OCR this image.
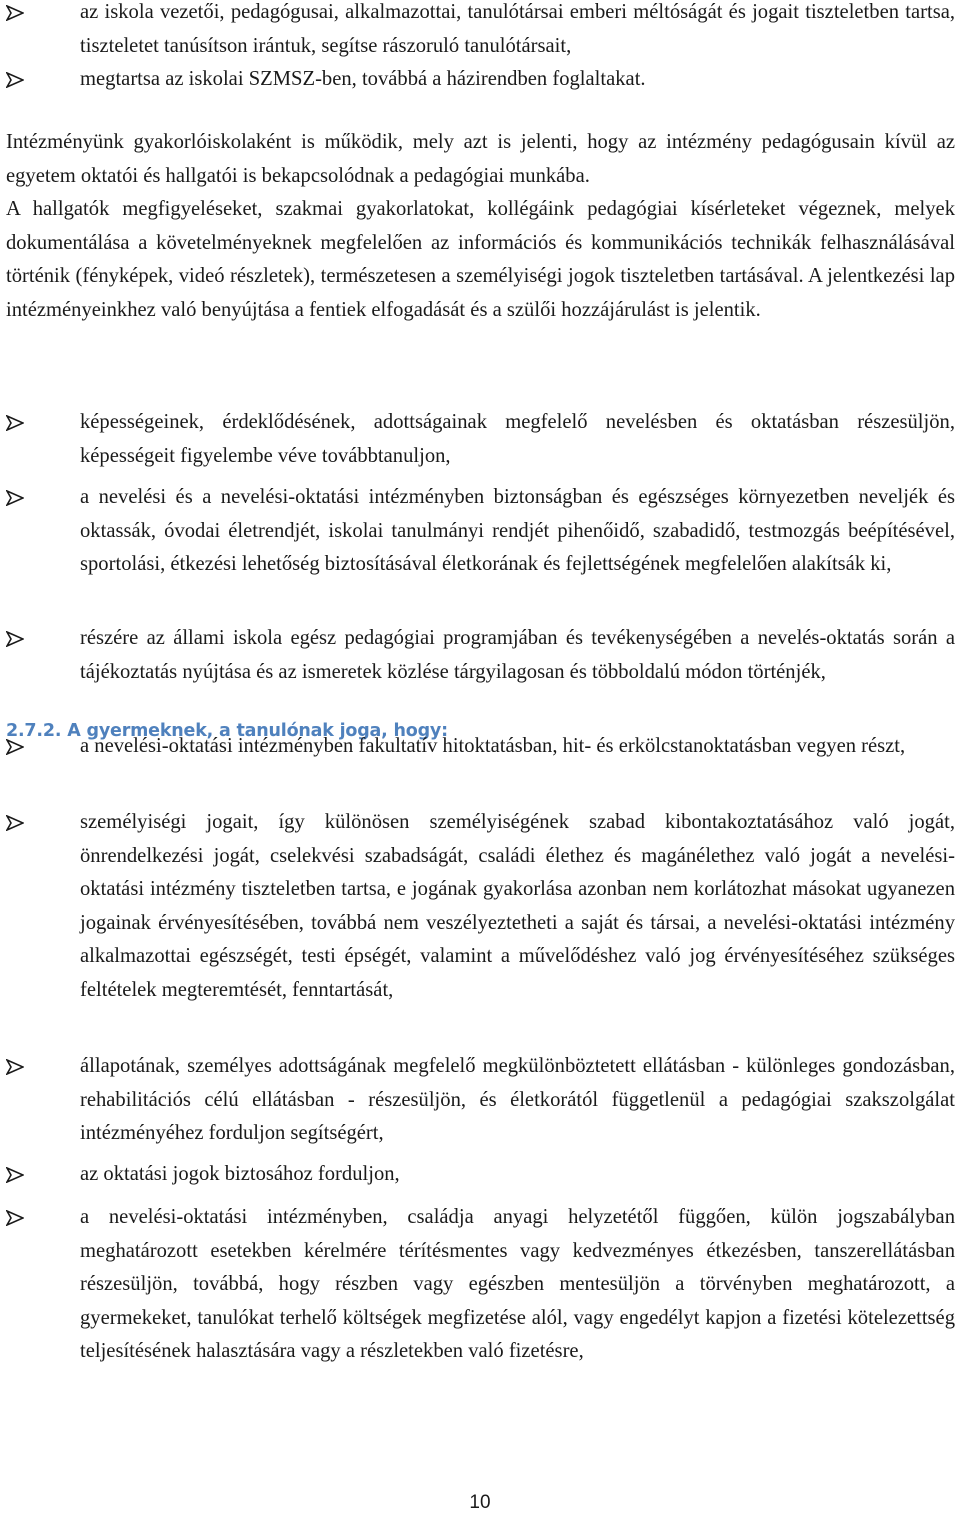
az iskola vezetői, pedagógusai, alkalmazottai, tanulótársai emberi méltóságát és jogait tiszteletben tartsa, tiszteletet tanúsítson irántuk, segítse rászoruló tanulótársait,
megtartsa az iskolai SZMSZ-ben, továbbá a házirendben foglaltakat.

Intézményünk gyakorlóiskolaként is működik, mely azt is jelenti, hogy az intézmény pedagógusain kívül az egyetem oktatói és hallgatói is bekapcsolódnak a pedagógiai munkába.

A hallgatók megfigyeléseket, szakmai gyakorlatokat, kollégáink pedagógiai kísérleteket végeznek, melyek dokumentálása a követelményeknek megfelelően az információs és kommunikációs technikák felhasználásával történik (fényképek, videó részletek), természetesen a személyiségi jogok tiszteletben tartásával. A jelentkezési lap intézményeinkhez való benyújtása a fentiek elfogadását és a szülői hozzájárulást is jelentik.

2.7.2. A gyermeknek, a tanulónak joga, hogy:
képességeinek, érdeklődésének, adottságainak megfelelő nevelésben és oktatásban részesüljön, képességeit figyelembe véve továbbtanuljon,
a nevelési és a nevelési-oktatási intézményben biztonságban és egészséges környezetben neveljék és oktassák, óvodai életrendjét, iskolai tanulmányi rendjét pihenőidő, szabadidő, testmozgás beépítésével, sportolási, étkezési lehetőség biztosításával életkorának és fejlettségének megfelelően alakítsák ki,
részére az állami iskola egész pedagógiai programjában és tevékenységében a nevelés-oktatás során a tájékoztatás nyújtása és az ismeretek közlése tárgyilagosan és többoldalú módon történjék,
a nevelési-oktatási intézményben fakultatív hitoktatásban, hit- és erkölcstanoktatásban vegyen részt,
személyiségi jogait, így különösen személyiségének szabad kibontakoztatásához való jogát, önrendelkezési jogát, cselekvési szabadságát, családi élethez és magánélethez való jogát a nevelési-oktatási intézmény tiszteletben tartsa, e jogának gyakorlása azonban nem korlátozhat másokat ugyanezen jogainak érvényesítésében, továbbá nem veszélyeztetheti a saját és társai, a nevelési-oktatási intézmény alkalmazottai egészségét, testi épségét, valamint a művelődéshez való jog érvényesítéséhez szükséges feltételek megteremtését, fenntartását,
állapotának, személyes adottságának megfelelő megkülönböztetett ellátásban - különleges gondozásban, rehabilitációs célú ellátásban - részesüljön, és életkorától függetlenül a pedagógiai szakszolgálat intézményéhez forduljon segítségért,
az oktatási jogok biztosához forduljon,
a nevelési-oktatási intézményben, családja anyagi helyzetétől függően, külön jogszabályban meghatározott esetekben kérelmére térítésmentes vagy kedvezményes étkezésben, tanszerellátásban részesüljön, továbbá, hogy részben vagy egészben mentesüljön a törvényben meghatározott, a gyermekeket, tanulókat terhelő költségek megfizetése alól, vagy engedélyt kapjon a fizetési kötelezettség teljesítésének halasztására vagy a részletekben való fizetésre,
10
